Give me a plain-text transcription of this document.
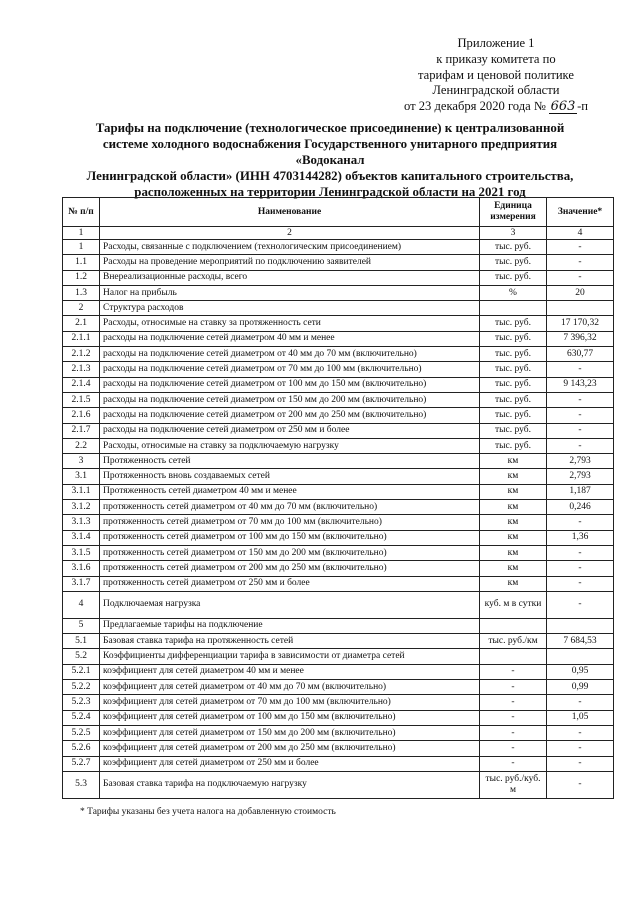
Приложение 1
к приказу комитета по
тарифам и ценовой политике
Ленинградской области
от 23 декабря 2020 года № 663 -п
Тарифы на подключение (технологическое присоединение) к централизованной
системе холодного водоснабжения Государственного унитарного предприятия «Водоканал
Ленинградской области» (ИНН 4703144282) объектов капитального строительства,
расположенных на территории Ленинградской области на 2021 год
№ п/п	Наименование	Единица измерения	Значение*
1	2	3	4
1	Расходы, связанные с подключением (технологическим присоединением)	тыс. руб.	-
1.1	Расходы на проведение мероприятий по подключению заявителей	тыс. руб.	-
1.2	Внереализационные расходы, всего	тыс. руб.	-
1.3	Налог на прибыль	%	20
2	Структура расходов		
2.1	Расходы, относимые на ставку за протяженность сети	тыс. руб.	17 170,32
2.1.1	расходы на подключение сетей диаметром 40 мм и менее	тыс. руб.	7 396,32
2.1.2	расходы на подключение сетей диаметром от 40 мм до 70 мм (включительно)	тыс. руб.	630,77
2.1.3	расходы на подключение сетей диаметром от 70 мм до 100 мм (включительно)	тыс. руб.	-
2.1.4	расходы на подключение сетей диаметром от 100 мм до 150 мм (включительно)	тыс. руб.	9 143,23
2.1.5	расходы на подключение сетей диаметром от 150 мм до 200 мм (включительно)	тыс. руб.	-
2.1.6	расходы на подключение сетей диаметром от 200 мм до 250 мм (включительно)	тыс. руб.	-
2.1.7	расходы на подключение сетей диаметром от 250 мм и более	тыс. руб.	-
2.2	Расходы, относимые на ставку за подключаемую нагрузку	тыс. руб.	-
3	Протяженность сетей	км	2,793
3.1	Протяженность вновь создаваемых сетей	км	2,793
3.1.1	Протяженность сетей диаметром 40 мм и менее	км	1,187
3.1.2	протяженность сетей диаметром от 40 мм до 70 мм (включительно)	км	0,246
3.1.3	протяженность сетей диаметром от 70 мм до 100 мм (включительно)	км	-
3.1.4	протяженность сетей диаметром от 100 мм до 150 мм (включительно)	км	1,36
3.1.5	протяженность сетей диаметром от 150 мм до 200 мм (включительно)	км	-
3.1.6	протяженность сетей диаметром от 200 мм до 250 мм (включительно)	км	-
3.1.7	протяженность сетей диаметром от 250 мм и более	км	-
4	Подключаемая нагрузка	куб. м в сутки	-
5	Предлагаемые тарифы на подключение		
5.1	Базовая ставка тарифа на протяженность сетей	тыс. руб./км	7 684,53
5.2	Коэффициенты дифференциации тарифа в зависимости от диаметра сетей		
5.2.1	коэффициент для сетей диаметром 40 мм и менее	-	0,95
5.2.2	коэффициент для сетей диаметром от 40 мм до 70 мм (включительно)	-	0,99
5.2.3	коэффициент для сетей диаметром от 70 мм до 100 мм (включительно)	-	-
5.2.4	коэффициент для сетей диаметром от 100 мм до 150 мм (включительно)	-	1,05
5.2.5	коэффициент для сетей диаметром от 150 мм до 200 мм (включительно)	-	-
5.2.6	коэффициент для сетей диаметром от 200 мм до 250 мм (включительно)	-	-
5.2.7	коэффициент для сетей диаметром от 250 мм и более	-	-
5.3	Базовая ставка тарифа на подключаемую нагрузку	тыс. руб./куб. м	-
* Тарифы указаны без учета налога на добавленную стоимость
